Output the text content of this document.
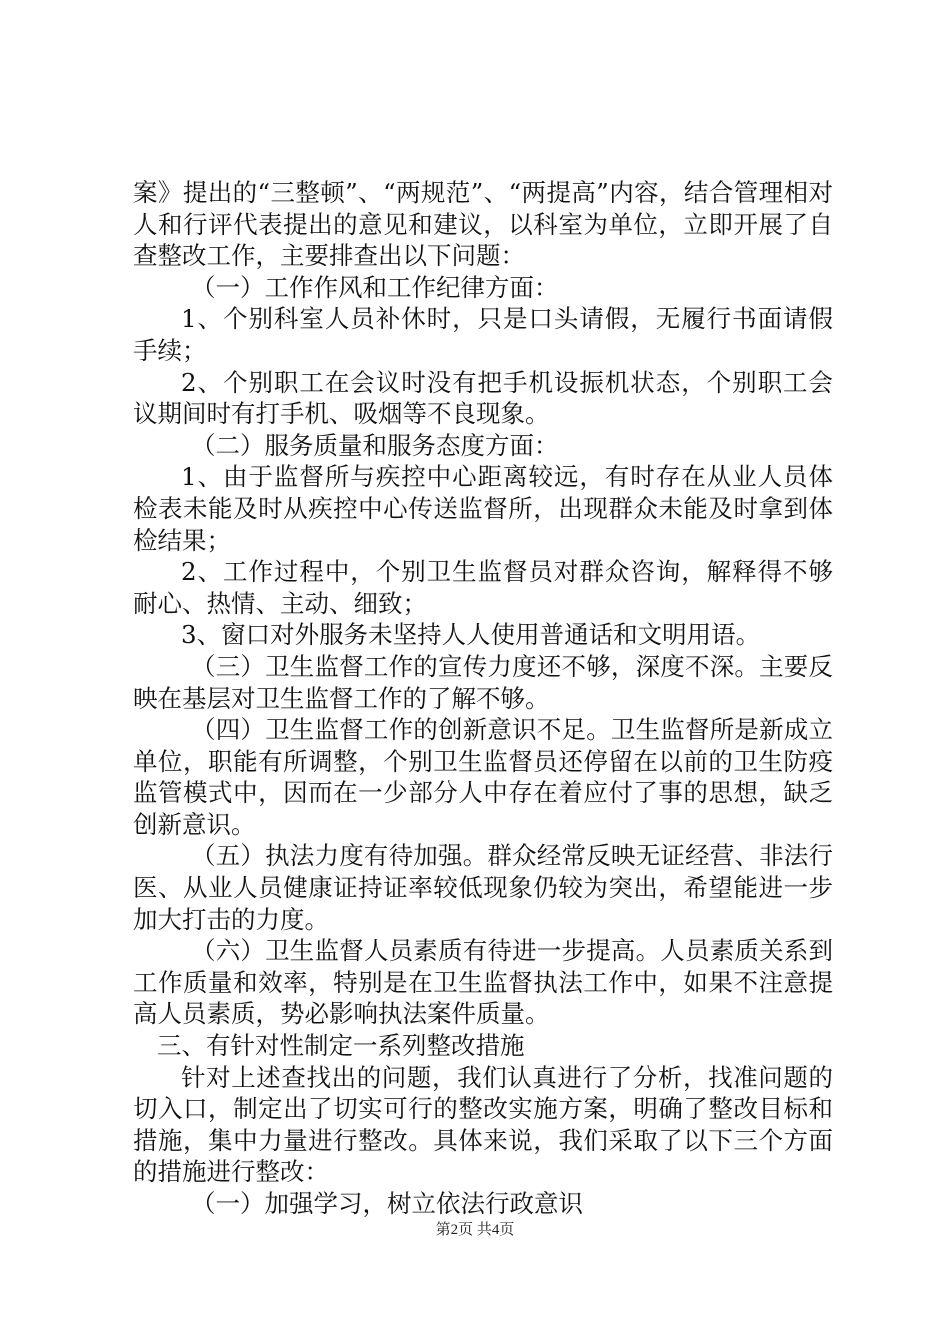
案》提出的“三整顿”、“两规范”、“两提高”内容，结合管理相对人和行评代表提出的意见和建议，以科室为单位，立即开展了自查整改工作，主要排查出以下问题：

（一）工作作风和工作纪律方面：

1、个别科室人员补休时，只是口头请假，无履行书面请假手续；

2、个别职工在会议时没有把手机设振机状态，个别职工会议期间时有打手机、吸烟等不良现象。

（二）服务质量和服务态度方面：

1、由于监督所与疾控中心距离较远，有时存在从业人员体检表未能及时从疾控中心传送监督所，出现群众未能及时拿到体检结果；

2、工作过程中，个别卫生监督员对群众咨询，解释得不够耐心、热情、主动、细致；

3、窗口对外服务未坚持人人使用普通话和文明用语。

（三）卫生监督工作的宣传力度还不够，深度不深。主要反映在基层对卫生监督工作的了解不够。

（四）卫生监督工作的创新意识不足。卫生监督所是新成立单位，职能有所调整，个别卫生监督员还停留在以前的卫生防疫监管模式中，因而在一少部分人中存在着应付了事的思想，缺乏创新意识。

（五）执法力度有待加强。群众经常反映无证经营、非法行医、从业人员健康证持证率较低现象仍较为突出，希望能进一步加大打击的力度。

（六）卫生监督人员素质有待进一步提高。人员素质关系到工作质量和效率，特别是在卫生监督执法工作中，如果不注意提高人员素质，势必影响执法案件质量。

三、有针对性制定一系列整改措施

针对上述查找出的问题，我们认真进行了分析，找准问题的切入口，制定出了切实可行的整改实施方案，明确了整改目标和措施，集中力量进行整改。具体来说，我们采取了以下三个方面的措施进行整改：

（一）加强学习，树立依法行政意识

第2页 共4页
